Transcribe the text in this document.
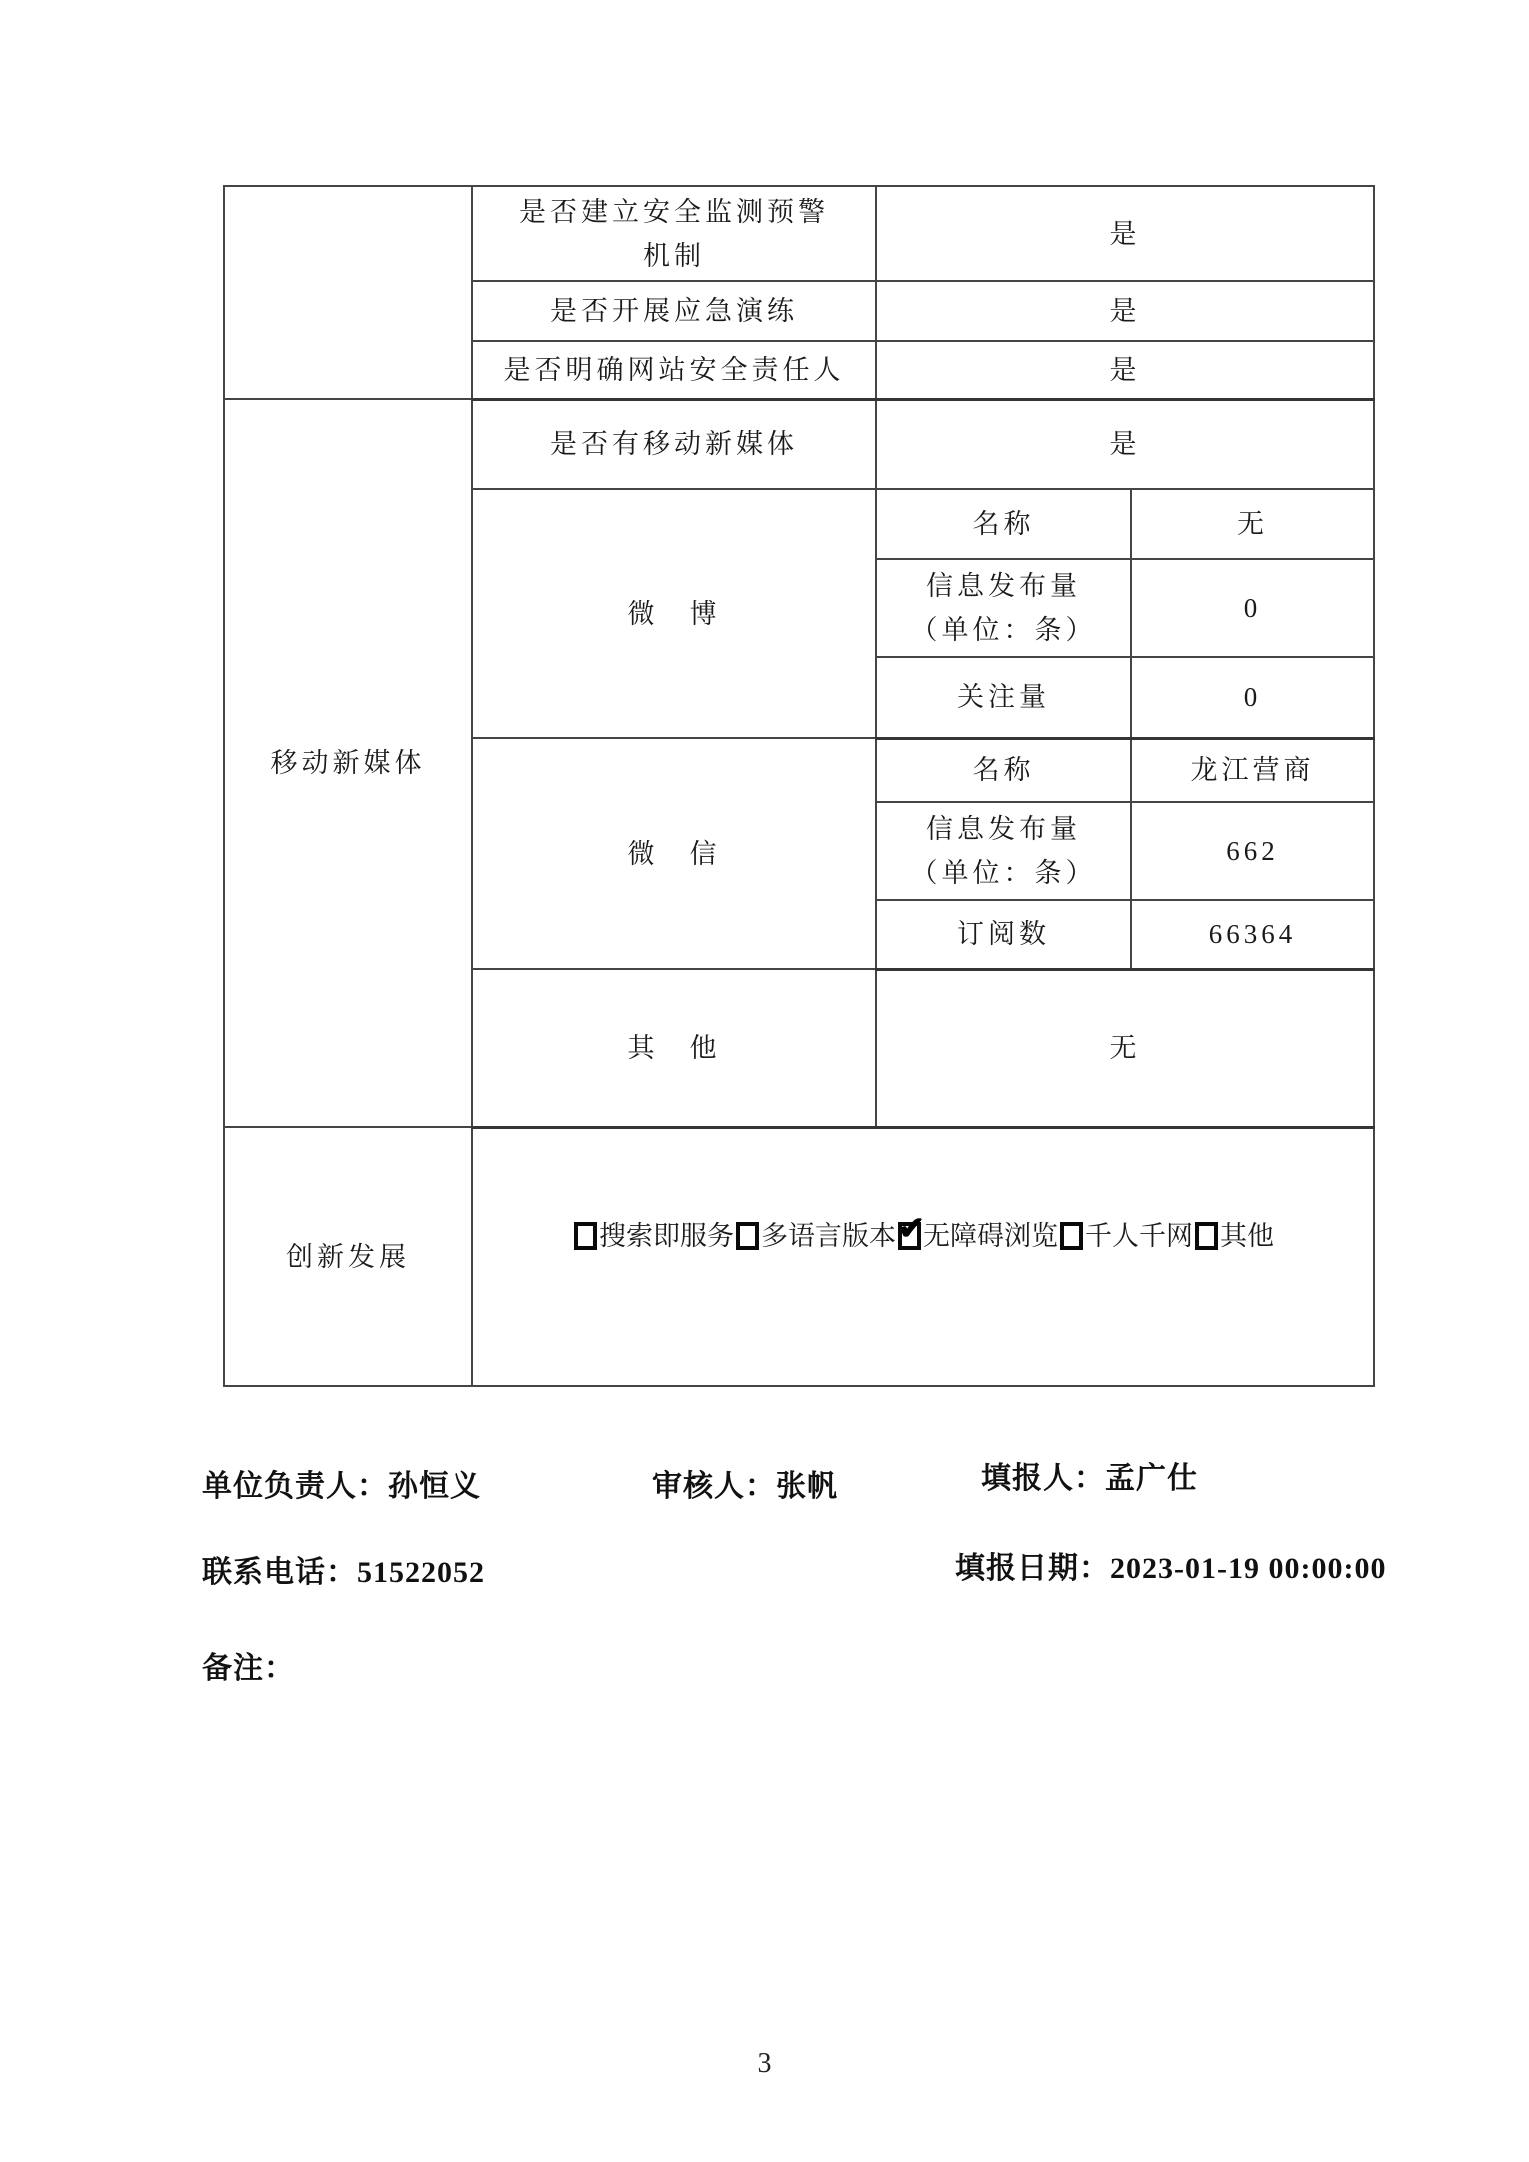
	是否建立安全监测预警
机制	是	
	是否开展应急演练	是	
	是否明确网站安全责任人	是	
移动新媒体	是否有移动新媒体	是	
	微　博	名称	无

		信息发布量
（单位：条）	0
		关注量	0
	微　信	名称	龙江营商

		信息发布量
（单位：条）	662
		订阅数	66364
	其　他	无	
创新发展	
搜索即服务 多语言版本 ✔
无障碍浏览 千人千网 其他
单位负责人：孙恒义	审核人：张帆	填报人：孟广仕
联系电话：51522052	填报日期：2023-01-19 00:00:00
备注：
3
